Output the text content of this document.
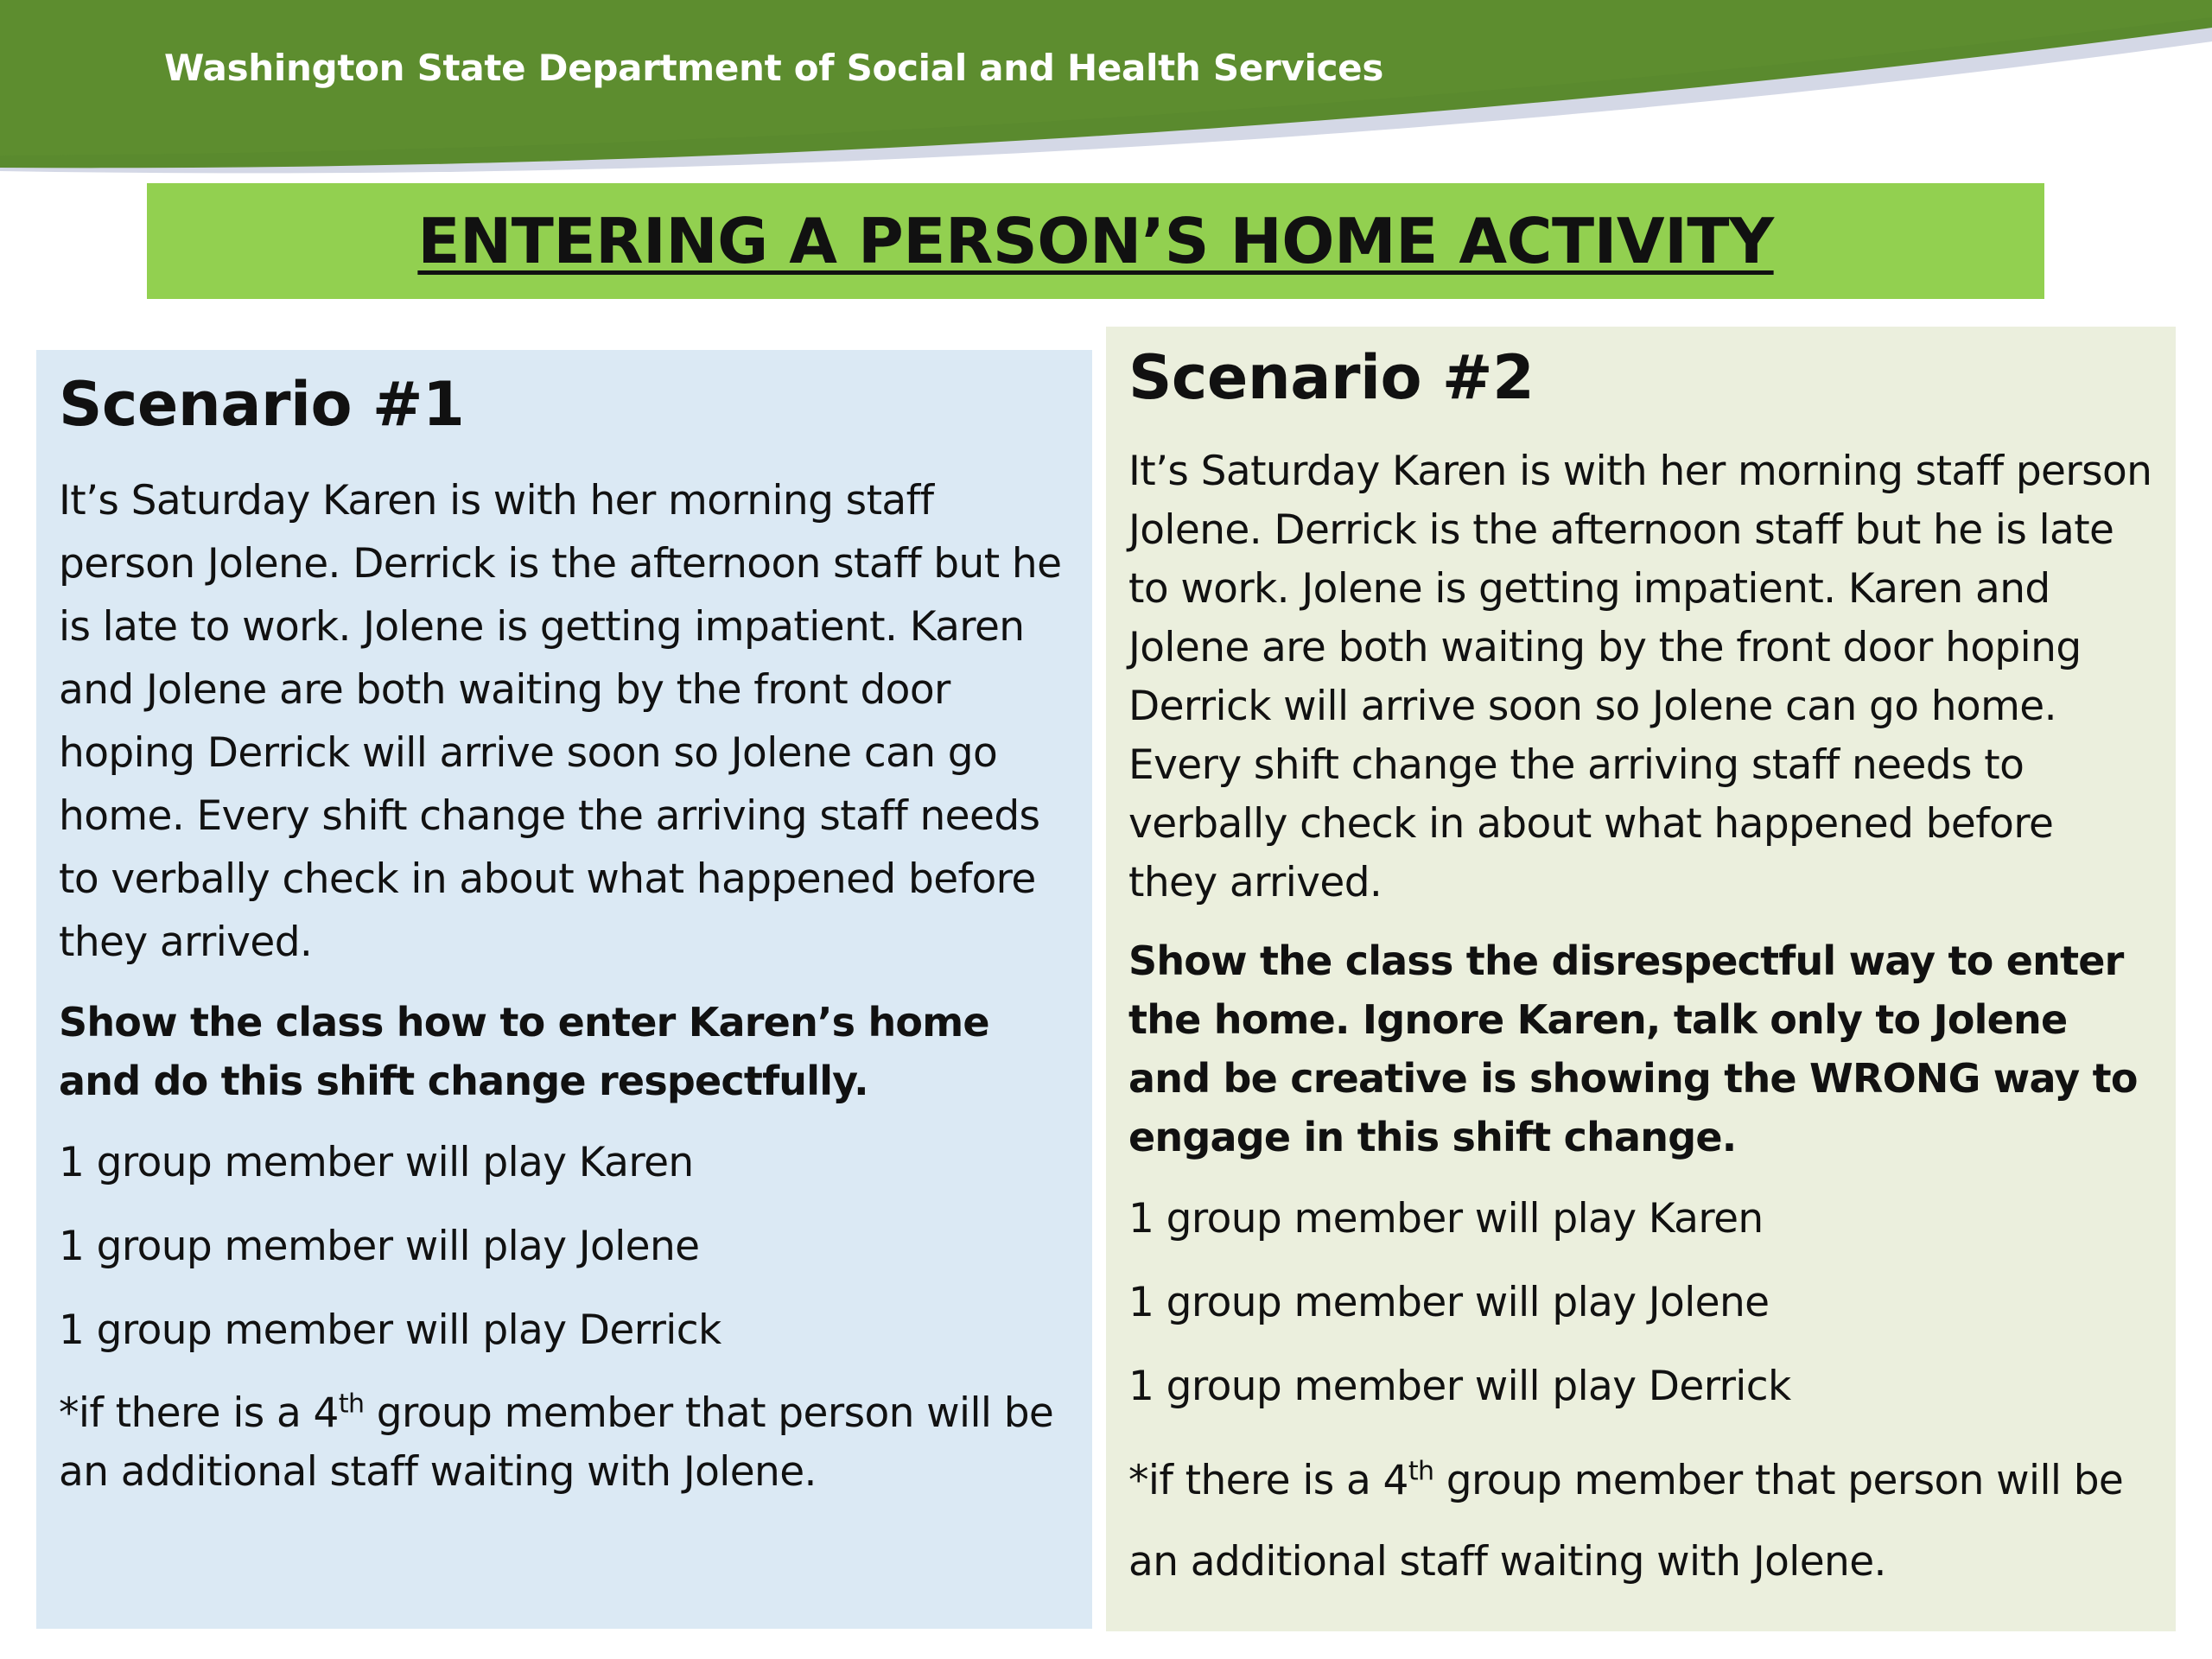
Washington State Department of Social and Health Services
ENTERING A PERSON’S HOME ACTIVITY
Scenario #1

It’s Saturday Karen is with her morning staff person Jolene. Derrick is the afternoon staff but he is late to work. Jolene is getting impatient. Karen and Jolene are both waiting by the front door hoping Derrick will arrive soon so Jolene can go home. Every shift change the arriving staff needs to verbally check in about what happened before they arrived.

Show the class how to enter Karen’s home and do this shift change respectfully.

1 group member will play Karen

1 group member will play Jolene

1 group member will play Derrick

*if there is a 4th group member that person will be an additional staff waiting with Jolene.

Scenario #2

It’s Saturday Karen is with her morning staff person Jolene. Derrick is the afternoon staff but he is late to work. Jolene is getting impatient. Karen and Jolene are both waiting by the front door hoping Derrick will arrive soon so Jolene can go home. Every shift change the arriving staff needs to verbally check in about what happened before they arrived.

Show the class the disrespectful way to enter the home. Ignore Karen, talk only to Jolene and be creative is showing the WRONG way to engage in this shift change.

1 group member will play Karen

1 group member will play Jolene

1 group member will play Derrick

*if there is a 4th group member that person will be an additional staff waiting with Jolene.
